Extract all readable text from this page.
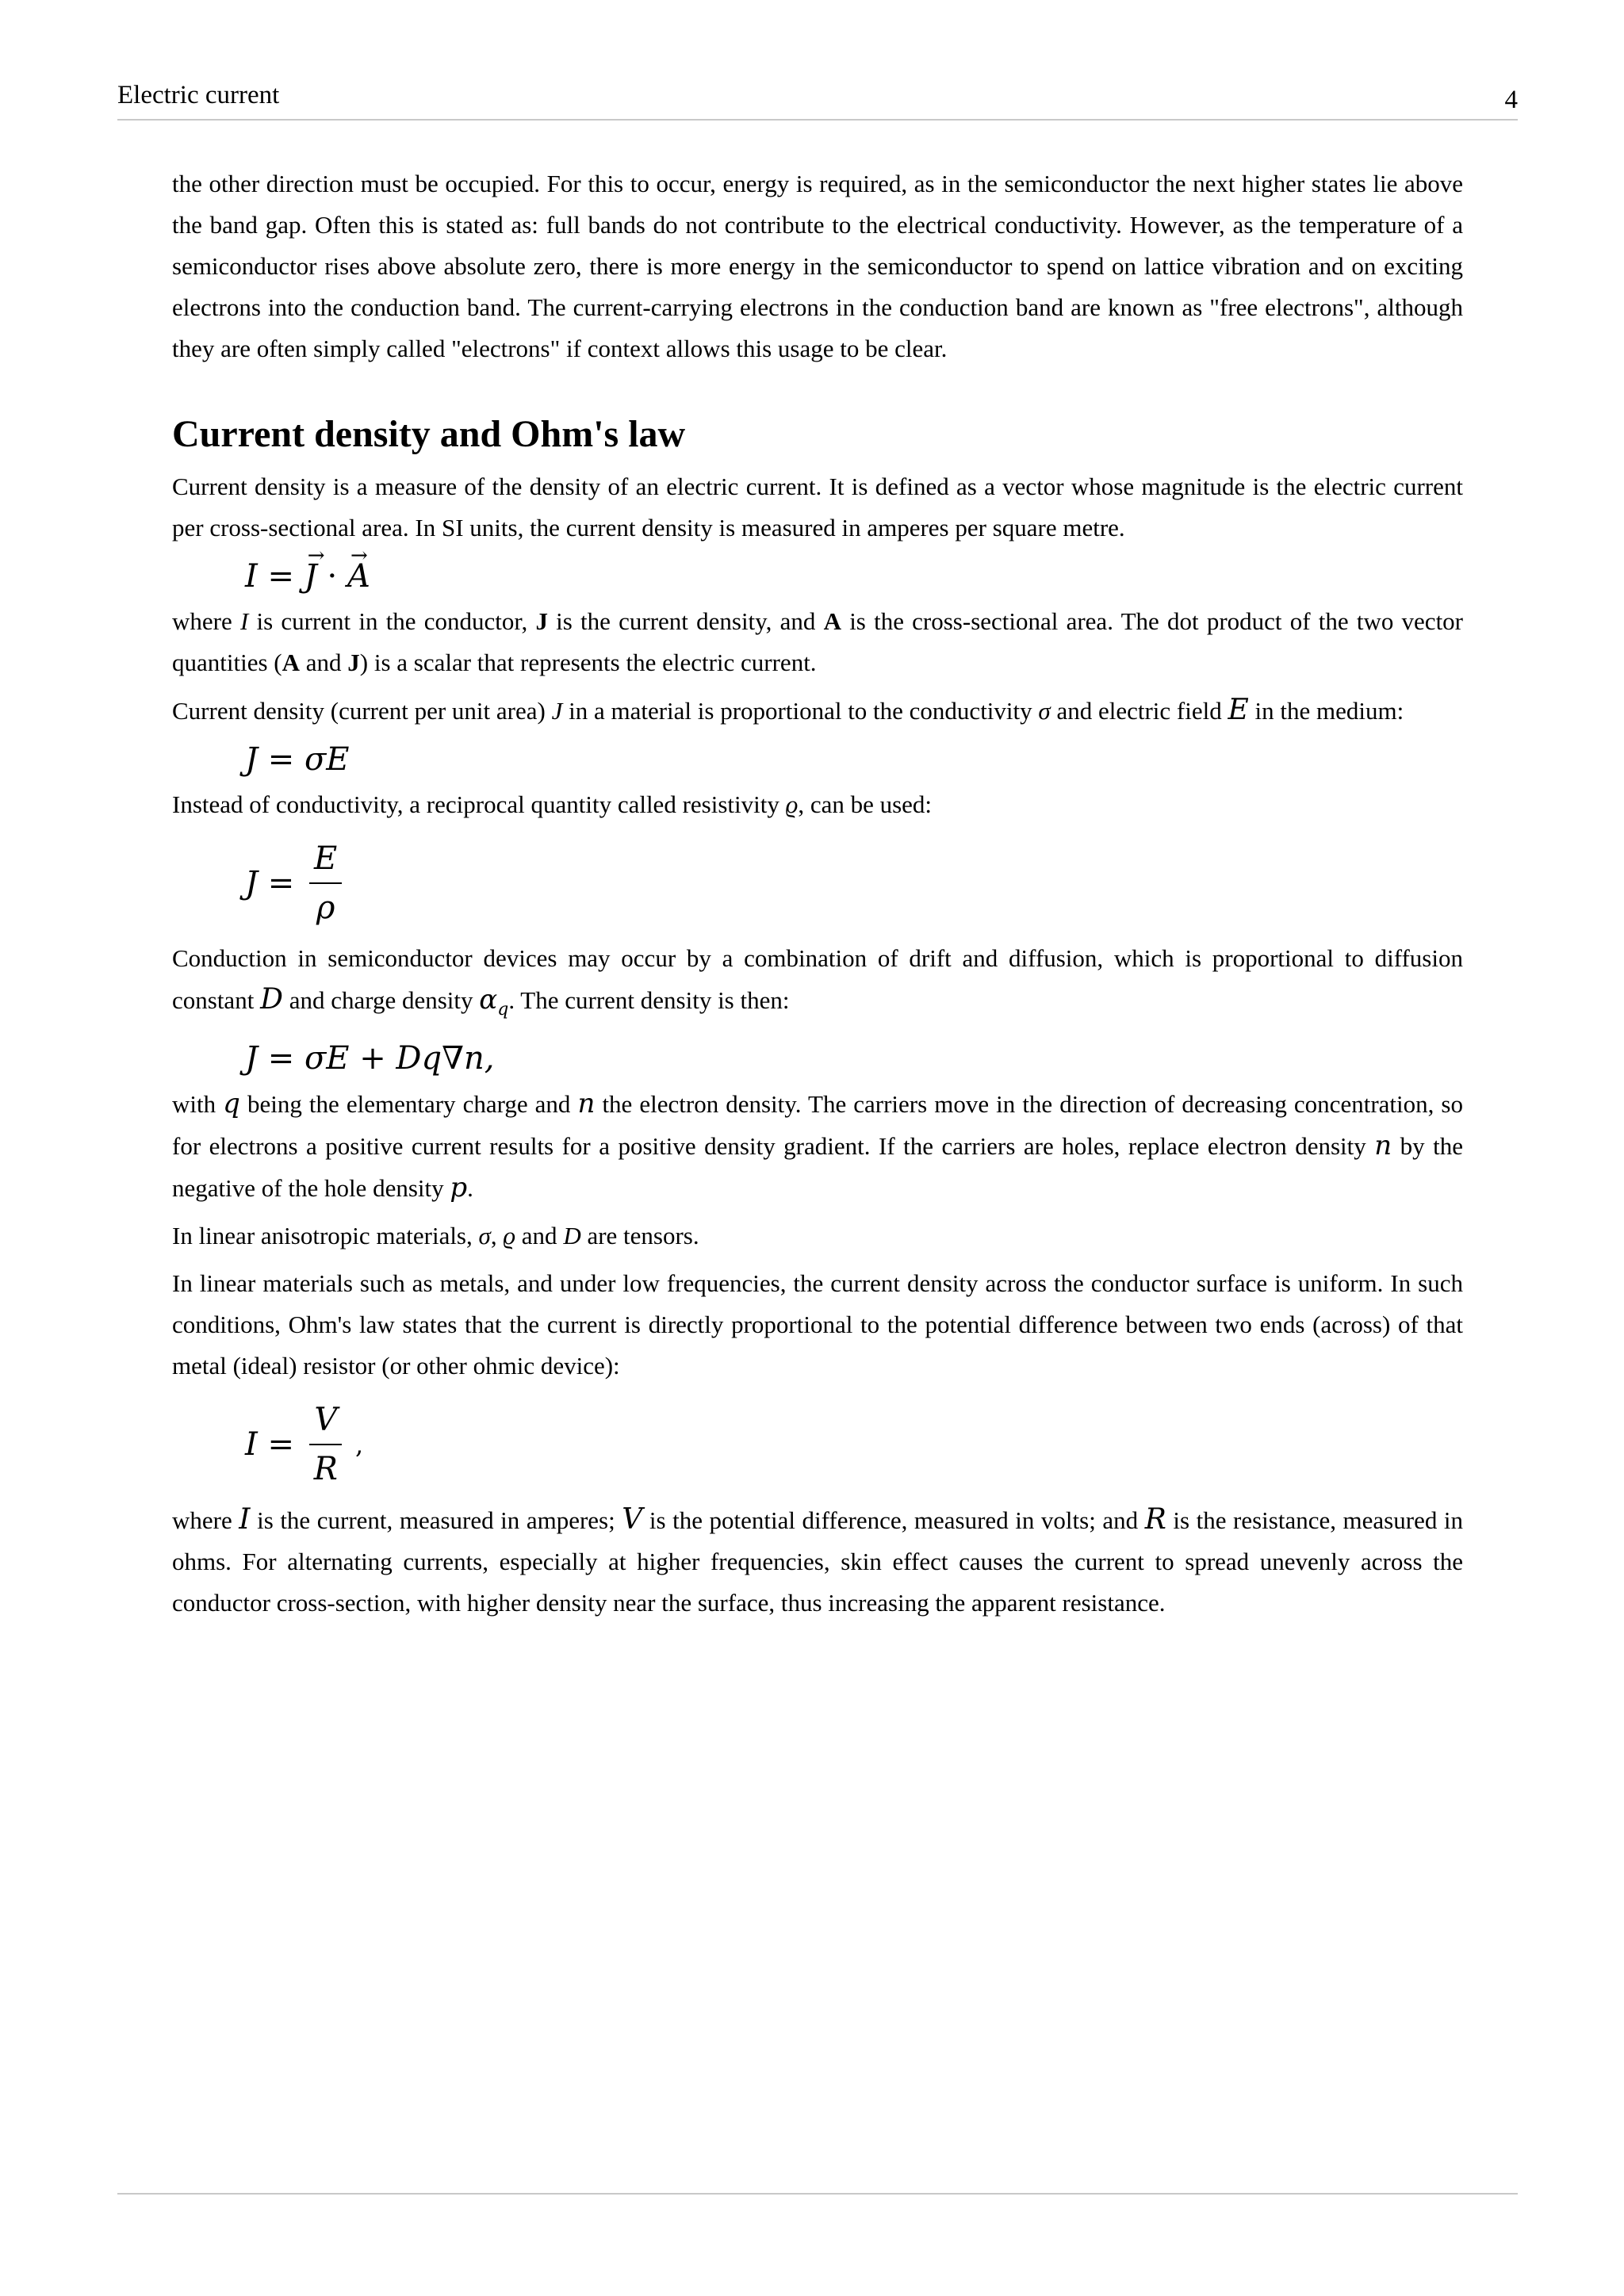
Electric current	4

the other direction must be occupied. For this to occur, energy is required, as in the semiconductor the next higher states lie above the band gap. Often this is stated as: full bands do not contribute to the electrical conductivity. However, as the temperature of a semiconductor rises above absolute zero, there is more energy in the semiconductor to spend on lattice vibration and on exciting electrons into the conduction band. The current-carrying electrons in the conduction band are known as "free electrons", although they are often simply called "electrons" if context allows this usage to be clear.

Current density and Ohm's law

Current density is a measure of the density of an electric current. It is defined as a vector whose magnitude is the electric current per cross-sectional area. In SI units, the current density is measured in amperes per square metre.

I = → J · → A

where I is current in the conductor, J is the current density, and A is the cross-sectional area. The dot product of the two vector quantities (A and J) is a scalar that represents the electric current.

Current density (current per unit area) J in a material is proportional to the conductivity σ and electric field E in the medium:

J = σE

Instead of conductivity, a reciprocal quantity called resistivity ϱ, can be used:

$J = \frac{E}{\rho}$

Conduction in semiconductor devices may occur by a combination of drift and diffusion, which is proportional to diffusion constant D and charge density $\alpha_q$. The current density is then:

J = σE + Dq∇n,

with q being the elementary charge and n the electron density. The carriers move in the direction of decreasing concentration, so for electrons a positive current results for a positive density gradient. If the carriers are holes, replace electron density n by the negative of the hole density p.

In linear anisotropic materials, σ, ϱ and D are tensors.

In linear materials such as metals, and under low frequencies, the current density across the conductor surface is uniform. In such conditions, Ohm's law states that the current is directly proportional to the potential difference between two ends (across) of that metal (ideal) resistor (or other ohmic device):

$I = \frac{V}{R}$ ,

where I is the current, measured in amperes; V is the potential difference, measured in volts; and R is the resistance, measured in ohms. For alternating currents, especially at higher frequencies, skin effect causes the current to spread unevenly across the conductor cross-section, with higher density near the surface, thus increasing the apparent resistance.
